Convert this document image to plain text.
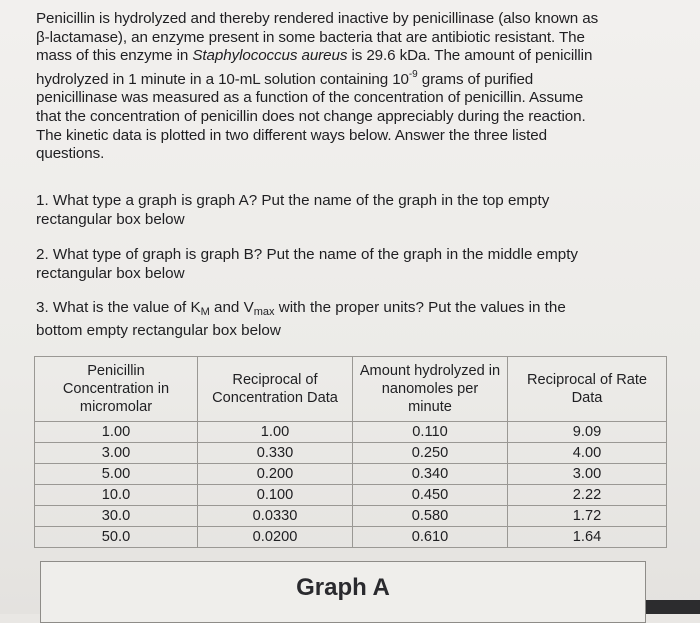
Penicillin is hydrolyzed and thereby rendered inactive by penicillinase (also known as

β-lactamase), an enzyme present in some bacteria that are antibiotic resistant. The

mass of this enzyme in Staphylococcus aureus is 29.6 kDa. The amount of penicillin

hydrolyzed in 1 minute in a 10-mL solution containing $10^{-9}$ grams of purified

penicillinase was measured as a function of the concentration of penicillin. Assume

that the concentration of penicillin does not change appreciably during the reaction.

The kinetic data is plotted in two different ways below. Answer the three listed

questions.

1. What type a graph is graph A? Put the name of the graph in the top empty
rectangular box below
2. What type of graph is graph B? Put the name of the graph in the middle empty
rectangular box below
3. What is the value of $K_M$ and $V_{max}$ with the proper units? Put the values in the
bottom empty rectangular box below
Penicillin Concentration in micromolar	Reciprocal of Concentration Data	Amount hydrolyzed in nanomoles per minute	Reciprocal of Rate Data
1.00	1.00	0.110	9.09
3.00	0.330	0.250	4.00
5.00	0.200	0.340	3.00
10.0	0.100	0.450	2.22
30.0	0.0330	0.580	1.72
50.0	0.0200	0.610	1.64
Graph A
